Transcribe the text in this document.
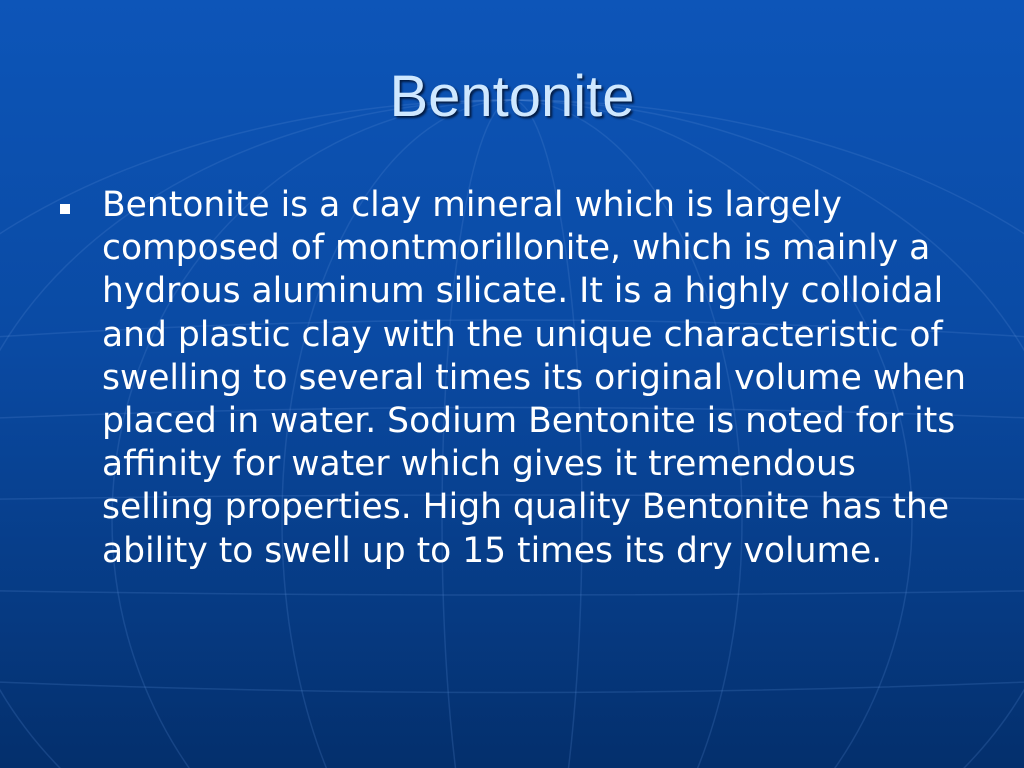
Bentonite
Bentonite is a clay mineral which is largely composed of montmorillonite, which is mainly a hydrous aluminum silicate. It is a highly colloidal and plastic clay with the unique characteristic of swelling to several times its original volume when placed in water. Sodium Bentonite is noted for its affinity for water which gives it tremendous selling properties. High quality Bentonite has the ability to swell up to 15 times its dry volume.
